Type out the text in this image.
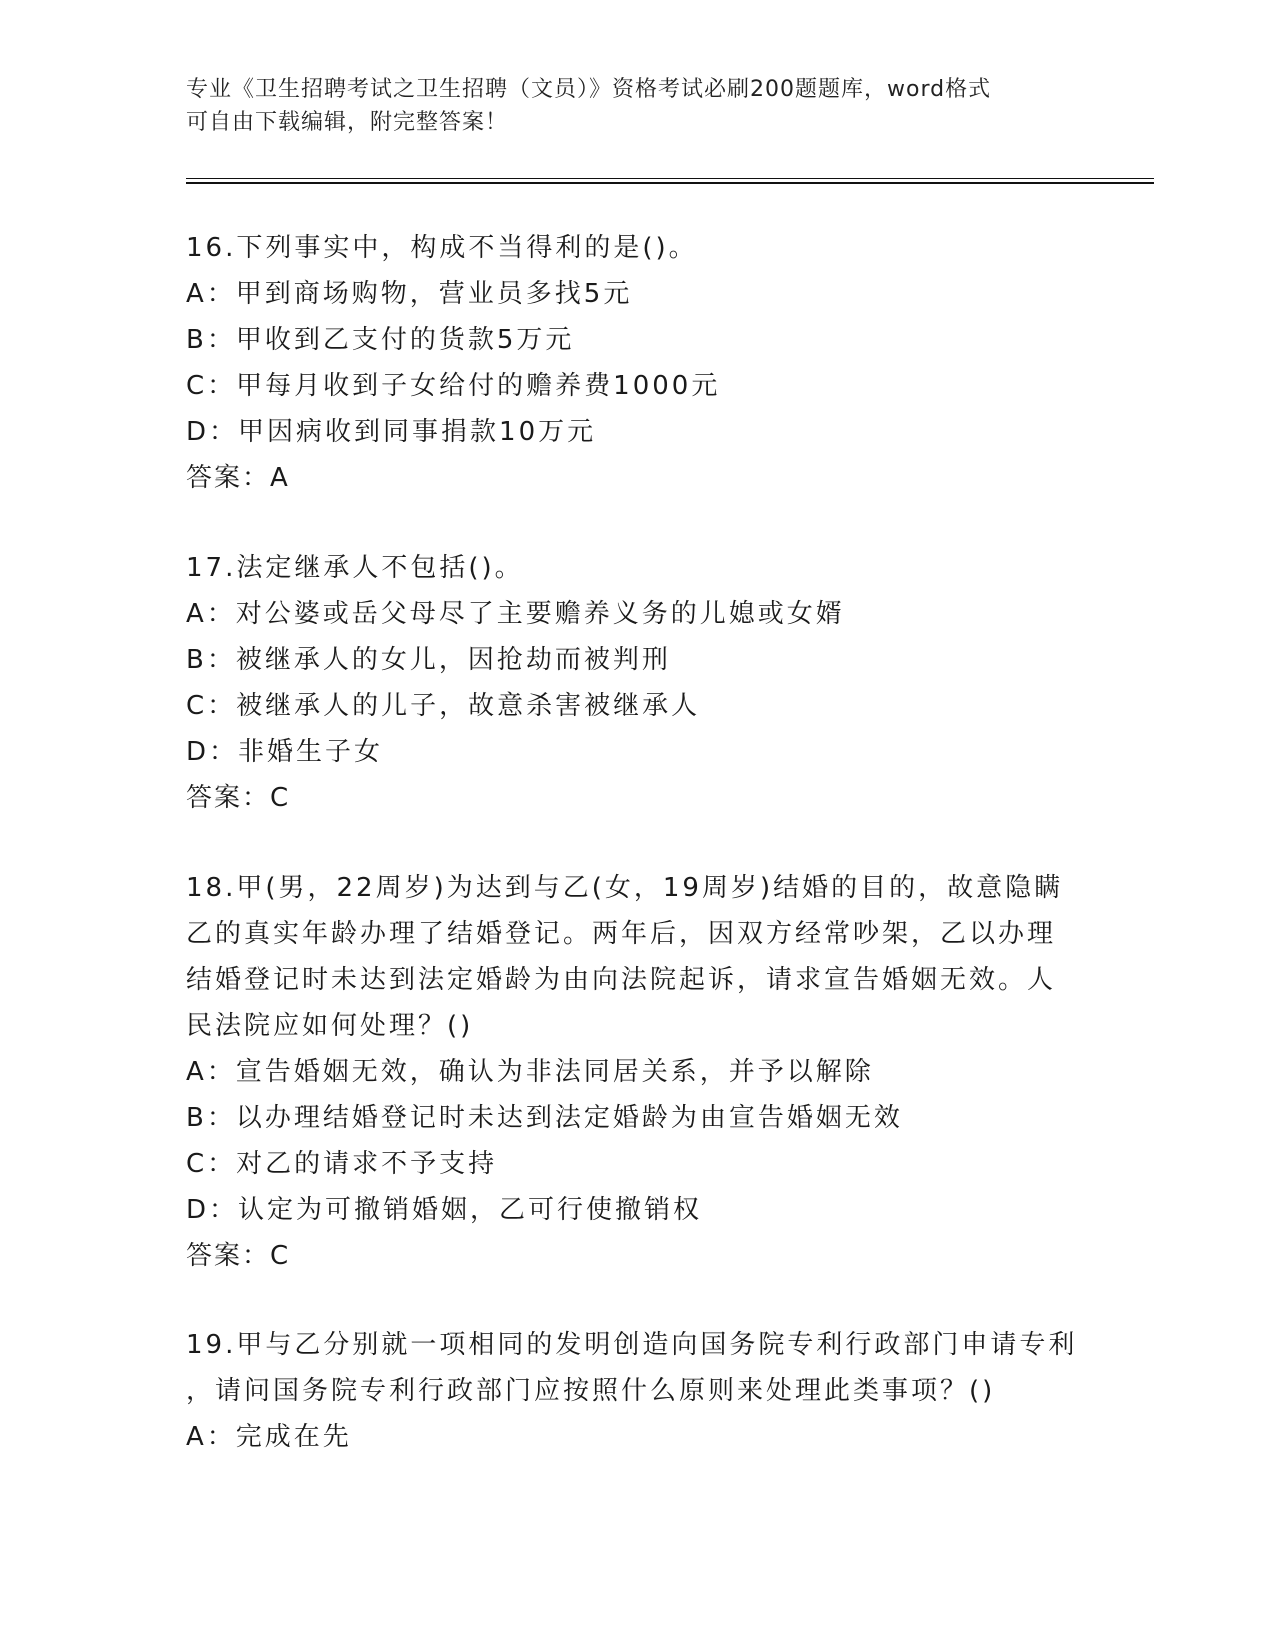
专业《卫生招聘考试之卫生招聘（文员）》资格考试必刷200题题库，word格式
可自由下载编辑，附完整答案！
16.下列事实中，构成不当得利的是()。
A：甲到商场购物，营业员多找5元
B：甲收到乙支付的货款5万元
C：甲每月收到子女给付的赡养费1000元
D：甲因病收到同事捐款10万元
答案：A
17.法定继承人不包括()。
A：对公婆或岳父母尽了主要赡养义务的儿媳或女婿
B：被继承人的女儿，因抢劫而被判刑
C：被继承人的儿子，故意杀害被继承人
D：非婚生子女
答案：C
18.甲(男，22周岁)为达到与乙(女，19周岁)结婚的目的，故意隐瞒
乙的真实年龄办理了结婚登记。两年后，因双方经常吵架，乙以办理
结婚登记时未达到法定婚龄为由向法院起诉，请求宣告婚姻无效。人
民法院应如何处理？()
A：宣告婚姻无效，确认为非法同居关系，并予以解除
B：以办理结婚登记时未达到法定婚龄为由宣告婚姻无效
C：对乙的请求不予支持
D：认定为可撤销婚姻，乙可行使撤销权
答案：C
19.甲与乙分别就一项相同的发明创造向国务院专利行政部门申请专利
，请问国务院专利行政部门应按照什么原则来处理此类事项？()
A：完成在先
